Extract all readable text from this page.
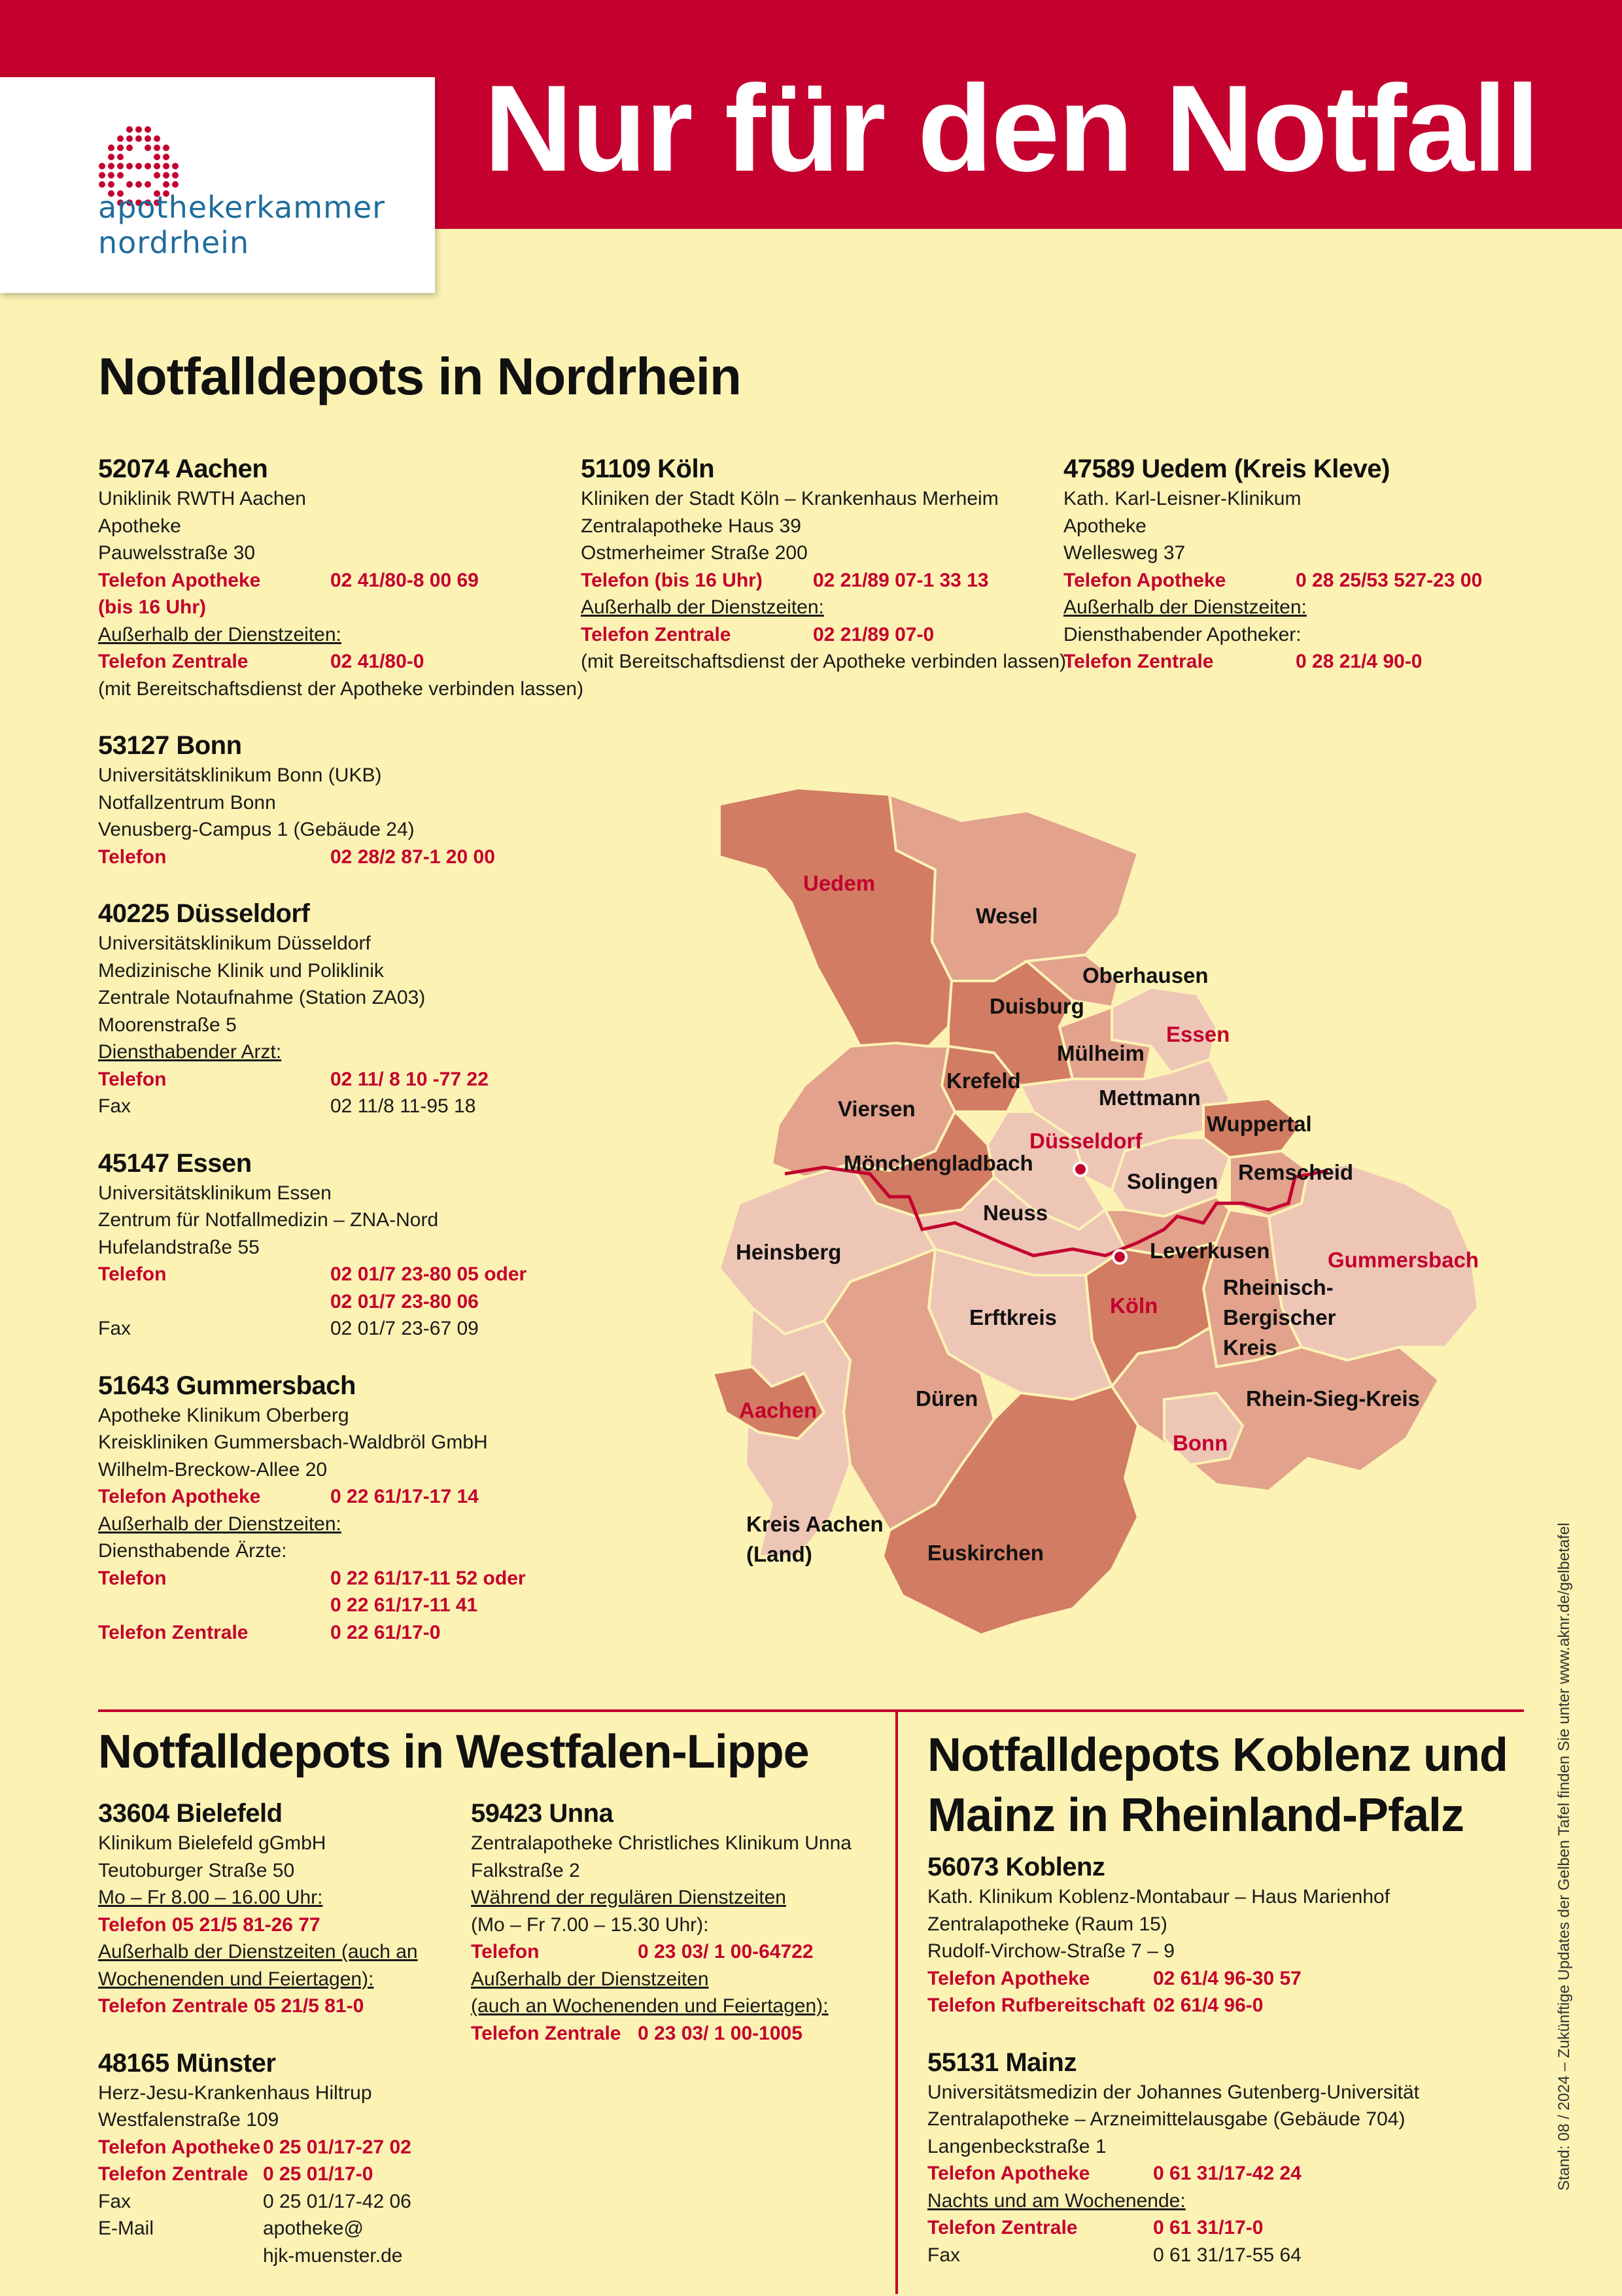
apothekerkammer
nordrhein
Nur für den Notfall
Notfalldepots in Nordrhein
52074 Aachen
Uniklinik RWTH Aachen
Apotheke
Pauwelsstraße 30
Telefon Apotheke	02 41/80-8 00 69
(bis 16 Uhr)
Außerhalb der Dienstzeiten:
Telefon Zentrale	02 41/80-0
(mit Bereitschaftsdienst der Apotheke verbinden lassen)
53127 Bonn
Universitätsklinikum Bonn (UKB)
Notfallzentrum Bonn
Venusberg-Campus 1 (Gebäude 24)
Telefon	02 28/2 87-1 20 00
40225 Düsseldorf
Universitätsklinikum Düsseldorf
Medizinische Klinik und Poliklinik
Zentrale Notaufnahme (Station ZA03)
Moorenstraße 5
Diensthabender Arzt:
Telefon	02 11/ 8 10 -77 22
Fax	02 11/8 11-95 18
45147 Essen
Universitätsklinikum Essen
Zentrum für Notfallmedizin – ZNA-Nord
Hufelandstraße 55
Telefon	02 01/7 23-80 05 oder
02 01/7 23-80 06
Fax	02 01/7 23-67 09
51643 Gummersbach
Apotheke Klinikum Oberberg
Kreiskliniken Gummersbach-Waldbröl GmbH
Wilhelm-Breckow-Allee 20
Telefon Apotheke	0 22 61/17-17 14
Außerhalb der Dienstzeiten:
Diensthabende Ärzte:
Telefon	0 22 61/17-11 52 oder
0 22 61/17-11 41
Telefon Zentrale	0 22 61/17-0
51109 Köln
Kliniken der Stadt Köln – Krankenhaus Merheim
Zentralapotheke Haus 39
Ostmerheimer Straße 200
Telefon (bis 16 Uhr)	02 21/89 07-1 33 13
Außerhalb der Dienstzeiten:
Telefon Zentrale	02 21/89 07-0
(mit Bereitschaftsdienst der Apotheke verbinden lassen)
47589 Uedem (Kreis Kleve)
Kath. Karl-Leisner-Klinikum
Apotheke
Wellesweg 37
Telefon Apotheke	0 28 25/53 527-23 00
Außerhalb der Dienstzeiten:
Diensthabender Apotheker:
Telefon Zentrale	0 28 21/4 90-0
Uedem
Wesel
Oberhausen
Duisburg
Essen
Mülheim
Krefeld
Mettmann
Viersen
Wuppertal
Düsseldorf
Mönchengladbach
Solingen Remscheid
Neuss
Heinsberg	Leverkusen	Gummersbach
Rheinisch-
Bergischer
Kreis
Erftkreis Köln
Aachen	Düren	Rhein-Sieg-Kreis
Bonn
Kreis Aachen
(Land)	Euskirchen
Notfalldepots in Westfalen-Lippe
33604 Bielefeld
Klinikum Bielefeld gGmbH
Teutoburger Straße 50
Mo – Fr 8.00 – 16.00 Uhr:
Telefon 05 21/5 81-26 77
Außerhalb der Dienstzeiten (auch an
Wochenenden und Feiertagen):
Telefon Zentrale 05 21/5 81-0
48165 Münster
Herz-Jesu-Krankenhaus Hiltrup
Westfalenstraße 109
Telefon Apotheke 0 25 01/17-27 02
Telefon Zentrale 0 25 01/17-0
Fax	0 25 01/17-42 06
E-Mail	apotheke@
hjk-muenster.de
59423 Unna
Zentralapotheke Christliches Klinikum Unna
Falkstraße 2
Während der regulären Dienstzeiten
(Mo – Fr 7.00 – 15.30 Uhr):
Telefon	0 23 03/ 1 00-64722
Außerhalb der Dienstzeiten
(auch an Wochenenden und Feiertagen):
Telefon Zentrale 0 23 03/ 1 00-1005
Notfalldepots Koblenz und
Mainz in Rheinland-Pfalz
56073 Koblenz
Kath. Klinikum Koblenz-Montabaur – Haus Marienhof
Zentralapotheke (Raum 15)
Rudolf-Virchow-Straße 7 – 9
Telefon Apotheke	02 61/4 96-30 57
Telefon Rufbereitschaft 02 61/4 96-0
55131 Mainz
Universitätsmedizin der Johannes Gutenberg-Universität
Zentralapotheke – Arzneimittelausgabe (Gebäude 704)
Langenbeckstraße 1
Telefon Apotheke	0 61 31/17-42 24
Nachts und am Wochenende:
Telefon Zentrale	0 61 31/17-0
Fax	0 61 31/17-55 64
Stand: 08 / 2024 – Zukünftige Updates der Gelben Tafel finden Sie unter www.aknr.de/gelbetafel
